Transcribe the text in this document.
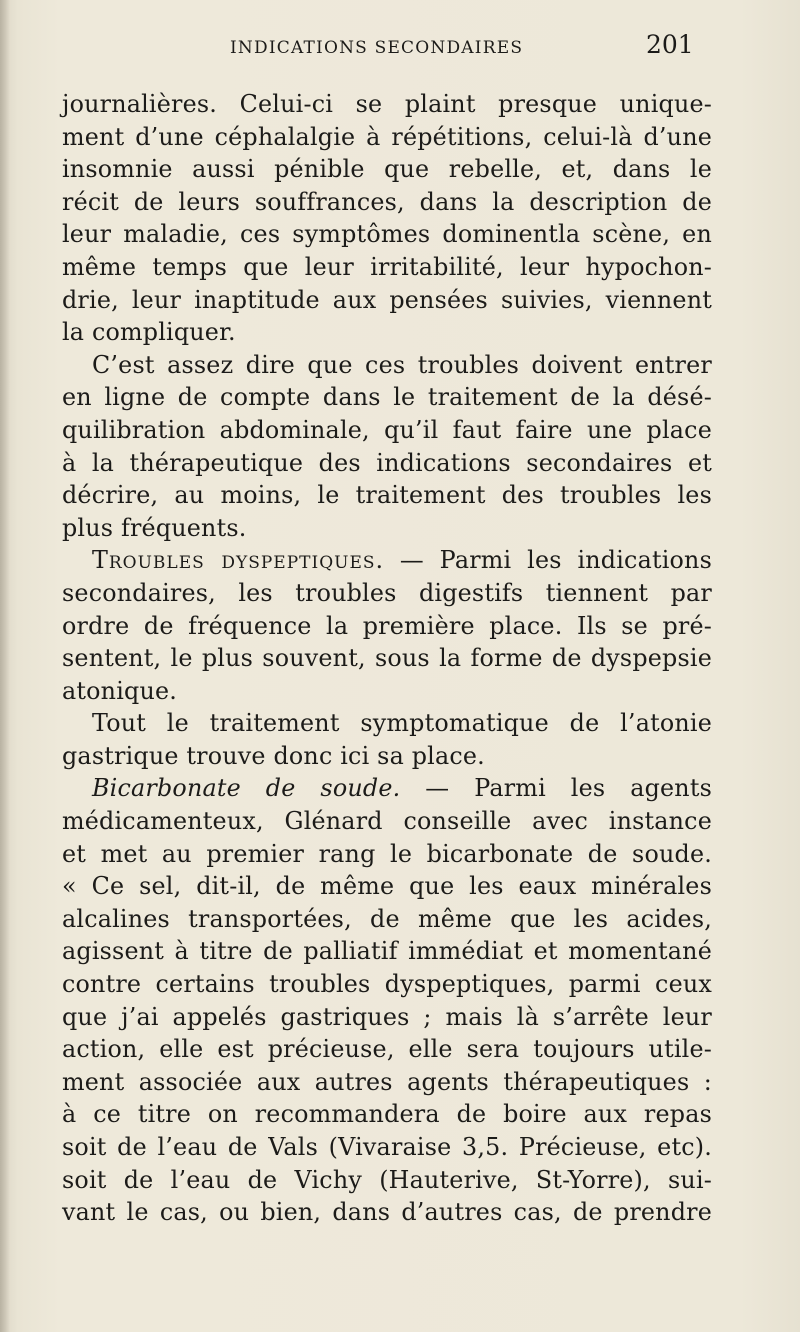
INDICATIONS SECONDAIRES	201
journalières. Celui-ci se plaint presque unique-
ment d’une céphalalgie à répétitions, celui-là d’une
insomnie aussi pénible que rebelle, et, dans le
récit de leurs souffrances, dans la description de
leur maladie, ces symptômes dominentla scène, en
même temps que leur irritabilité, leur hypochon-
drie, leur inaptitude aux pensées suivies, viennent
la compliquer.
C’est assez dire que ces troubles doivent entrer
en ligne de compte dans le traitement de la désé-
quilibration abdominale, qu’il faut faire une place
à la thérapeutique des indications secondaires et
décrire, au moins, le traitement des troubles les
plus fréquents.
Troubles dyspeptiques. — Parmi les indications
secondaires, les troubles digestifs tiennent par
ordre de fréquence la première place. Ils se pré-
sentent, le plus souvent, sous la forme de dyspepsie
atonique.
Tout le traitement symptomatique de l’atonie
gastrique trouve donc ici sa place.
Bicarbonate de soude. — Parmi les agents
médicamenteux, Glénard conseille avec instance
et met au premier rang le bicarbonate de soude.
« Ce sel, dit-il, de même que les eaux minérales
alcalines transportées, de même que les acides,
agissent à titre de palliatif immédiat et momentané
contre certains troubles dyspeptiques, parmi ceux
que j’ai appelés gastriques ; mais là s’arrête leur
action, elle est précieuse, elle sera toujours utile-
ment associée aux autres agents thérapeutiques :
à ce titre on recommandera de boire aux repas
soit de l’eau de Vals (Vivaraise 3,5. Précieuse, etc).
soit de l’eau de Vichy (Hauterive, St-Yorre), sui-
vant le cas, ou bien, dans d’autres cas, de prendre
